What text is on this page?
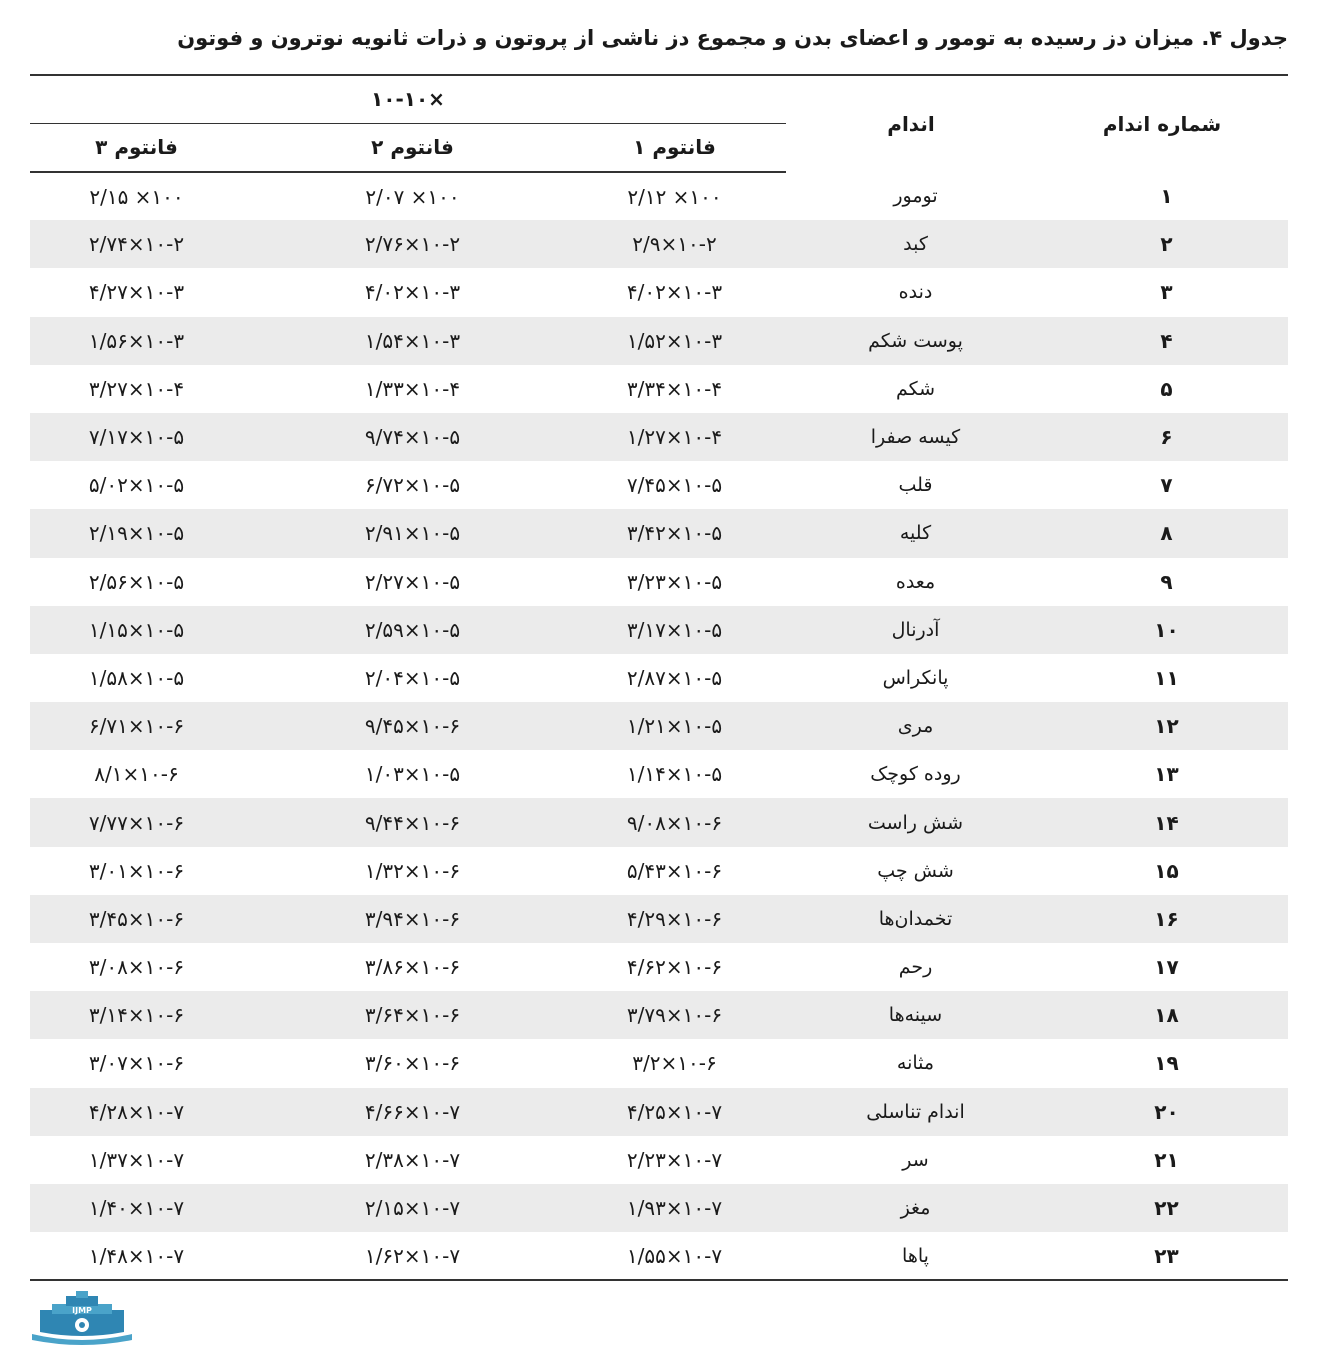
جدول ۴. میزان دز رسیده به تومور و اعضای بدن و مجموع دز ناشی از پروتون و ذرات ثانویه نوترون و فوتون
شماره اندام	اندام	۱۰-۱۰×		
		فانتوم ۱	فانتوم ۲	فانتوم ۳
۱	تومور	۲/۱۲ ×۱۰۰	۲/۰۷ ×۱۰۰	۲/۱۵ ×۱۰۰
۲	کبد	۲/۹×۱۰-۲	۲/۷۶×۱۰-۲	۲/۷۴×۱۰-۲
۳	دنده	۴/۰۲×۱۰-۳	۴/۰۲×۱۰-۳	۴/۲۷×۱۰-۳
۴	پوست شکم	۱/۵۲×۱۰-۳	۱/۵۴×۱۰-۳	۱/۵۶×۱۰-۳
۵	شکم	۳/۳۴×۱۰-۴	۱/۳۳×۱۰-۴	۳/۲۷×۱۰-۴
۶	کیسه صفرا	۱/۲۷×۱۰-۴	۹/۷۴×۱۰-۵	۷/۱۷×۱۰-۵
۷	قلب	۷/۴۵×۱۰-۵	۶/۷۲×۱۰-۵	۵/۰۲×۱۰-۵
۸	کلیه	۳/۴۲×۱۰-۵	۲/۹۱×۱۰-۵	۲/۱۹×۱۰-۵
۹	معده	۳/۲۳×۱۰-۵	۲/۲۷×۱۰-۵	۲/۵۶×۱۰-۵
۱۰	آدرنال	۳/۱۷×۱۰-۵	۲/۵۹×۱۰-۵	۱/۱۵×۱۰-۵
۱۱	پانکراس	۲/۸۷×۱۰-۵	۲/۰۴×۱۰-۵	۱/۵۸×۱۰-۵
۱۲	مری	۱/۲۱×۱۰-۵	۹/۴۵×۱۰-۶	۶/۷۱×۱۰-۶
۱۳	روده کوچک	۱/۱۴×۱۰-۵	۱/۰۳×۱۰-۵	۸/۱×۱۰-۶
۱۴	شش راست	۹/۰۸×۱۰-۶	۹/۴۴×۱۰-۶	۷/۷۷×۱۰-۶
۱۵	شش چپ	۵/۴۳×۱۰-۶	۱/۳۲×۱۰-۶	۳/۰۱×۱۰-۶
۱۶	تخمدان‌ها	۴/۲۹×۱۰-۶	۳/۹۴×۱۰-۶	۳/۴۵×۱۰-۶
۱۷	رحم	۴/۶۲×۱۰-۶	۳/۸۶×۱۰-۶	۳/۰۸×۱۰-۶
۱۸	سینه‌ها	۳/۷۹×۱۰-۶	۳/۶۴×۱۰-۶	۳/۱۴×۱۰-۶
۱۹	مثانه	۳/۲×۱۰-۶	۳/۶۰×۱۰-۶	۳/۰۷×۱۰-۶
۲۰	اندام تناسلی	۴/۲۵×۱۰-۷	۴/۶۶×۱۰-۷	۴/۲۸×۱۰-۷
۲۱	سر	۲/۲۳×۱۰-۷	۲/۳۸×۱۰-۷	۱/۳۷×۱۰-۷
۲۲	مغز	۱/۹۳×۱۰-۷	۲/۱۵×۱۰-۷	۱/۴۰×۱۰-۷
۲۳	پاها	۱/۵۵×۱۰-۷	۱/۶۲×۱۰-۷	۱/۴۸×۱۰-۷
IJMP
